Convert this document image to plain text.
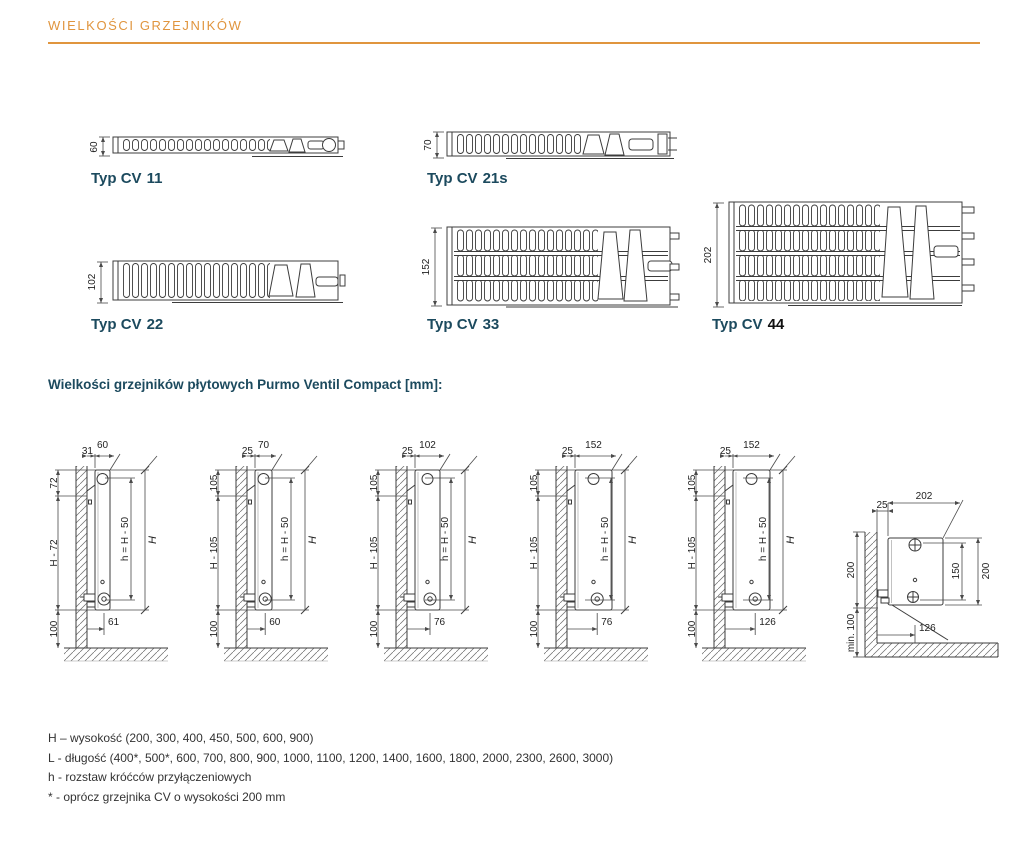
WIELKOŚCI GRZEJNIKÓW
60
Typ CV 11
70
Typ CV 21s
102
Typ CV 22
152
Typ CV 33
202
Typ CV 44
Wielkości grzejników płytowych Purmo Ventil Compact [mm]:
31
60
72
H - 72
100
h = H - 50 H
61
25
70
105
H - 105
100
h = H - 50 H
60
25
102
105
H - 105
100
h = H - 50 H
76
25
152
105
H - 105
100
h = H - 50 H
76
25
152
105
H - 105
100
h = H - 50 H
126
202
25
150 200
200
min. 100	126
H – wysokość (200, 300, 400, 450, 500, 600, 900)
L - długość (400*, 500*, 600, 700, 800, 900, 1000, 1100, 1200, 1400, 1600, 1800, 2000, 2300, 2600, 3000)
h - rozstaw króćców przyłączeniowych
* - oprócz grzejnika CV o wysokości 200 mm
